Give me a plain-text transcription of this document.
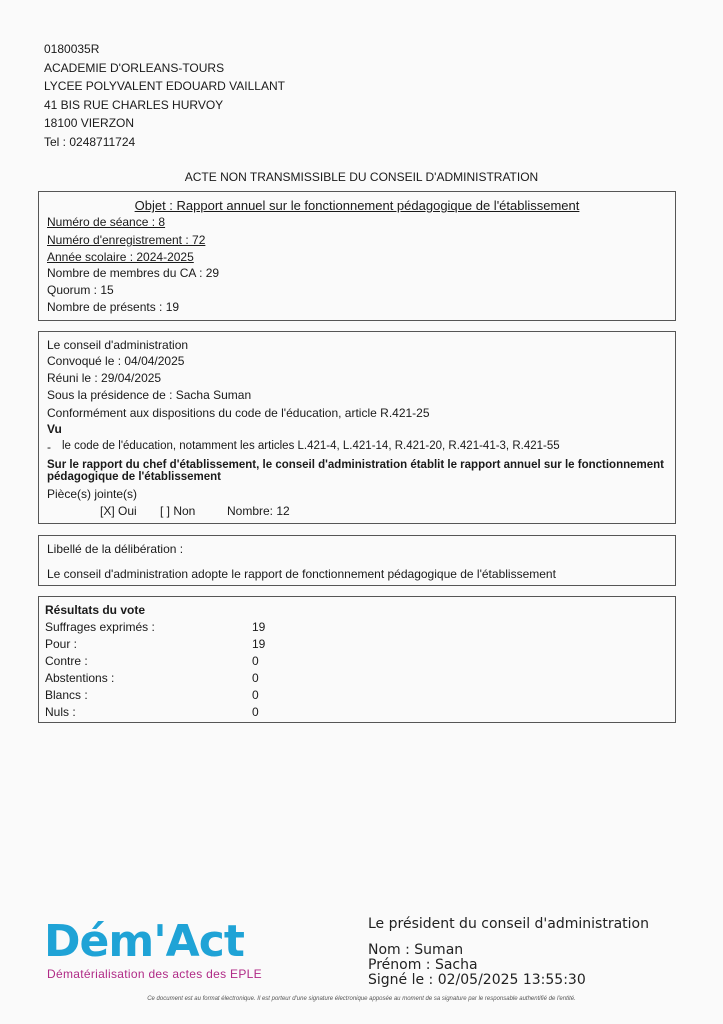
0180035R
ACADEMIE D'ORLEANS-TOURS
LYCEE POLYVALENT EDOUARD VAILLANT
41 BIS RUE CHARLES HURVOY
18100 VIERZON
Tel : 0248711724
ACTE NON TRANSMISSIBLE DU CONSEIL D'ADMINISTRATION
Objet : Rapport annuel sur le fonctionnement pédagogique de l'établissement
Numéro de séance : 8
Numéro d'enregistrement : 72
Année scolaire : 2024-2025
Nombre de membres du CA : 29
Quorum : 15
Nombre de présents : 19
Le conseil d'administration
Convoqué le : 04/04/2025
Réuni le : 29/04/2025
Sous la présidence de : Sacha Suman
Conformément aux dispositions du code de l'éducation, article R.421-25
Vu
- le code de l'éducation, notamment les articles L.421-4, L.421-14, R.421-20, R.421-41-3, R.421-55
Sur le rapport du chef d'établissement, le conseil d'administration établit le rapport annuel sur le fonctionnement
pédagogique de l'établissement
Pièce(s) jointe(s)
[X] Oui [ ] Non	Nombre: 12
Libellé de la délibération :
Le conseil d'administration adopte le rapport de fonctionnement pédagogique de l'établissement
Résultats du vote
Suffrages exprimés :	19
Pour :	19
Contre :	0
Abstentions :	0
Blancs :	0
Nuls :	0
Dém'Act
Dématérialisation des actes des EPLE
Le président du conseil d'administration
Nom : Suman
Prénom : Sacha
Signé le : 02/05/2025 13:55:30
Ce document est au format électronique. Il est porteur d'une signature électronique apposée au moment de sa signature par le responsable authentifié de l'entité.
